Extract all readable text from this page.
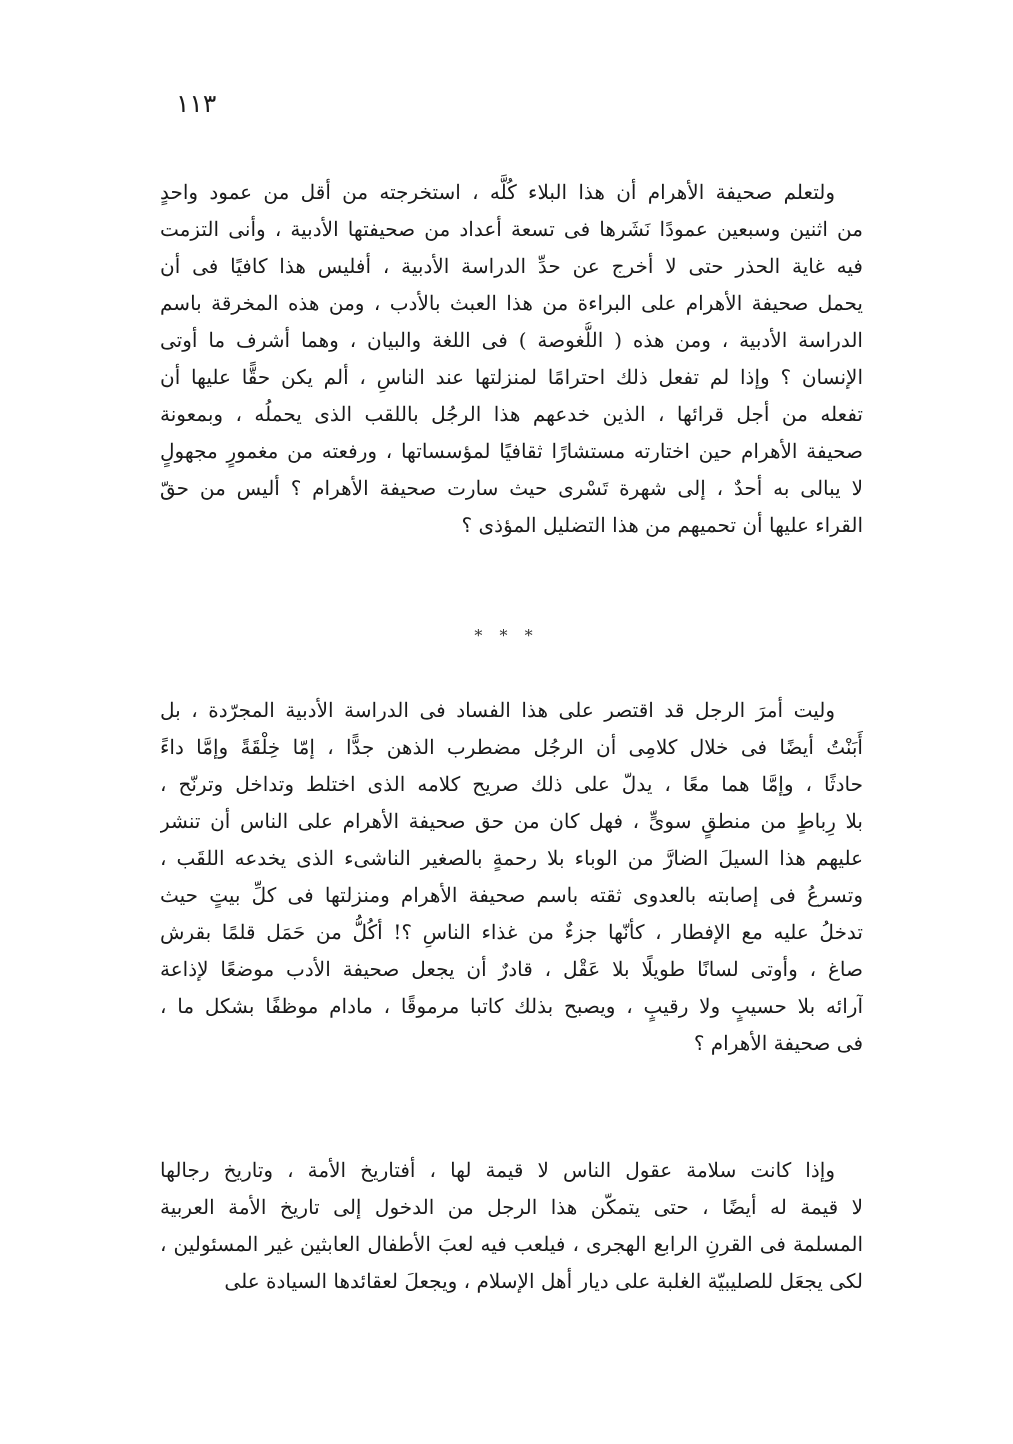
١١٣
ولتعلم صحيفة الأهرام أن هذا البلاء كُلَّه ، استخرجته من أقل من عمود واحدٍ
من اثنين وسبعين عمودًا نَشَرها فى تسعة أعداد من صحيفتها الأدبية ، وأنى التزمت
فيه غاية الحذر حتى لا أخرج عن حدِّ الدراسة الأدبية ، أفليس هذا كافيًا فى أن
يحمل صحيفة الأهرام على البراءة من هذا العبث بالأدب ، ومن هذه المخرقة باسم
الدراسة الأدبية ، ومن هذه ( اللُّغوصة ) فى اللغة والبيان ، وهما أشرف ما أوتى
الإنسان ؟ وإذا لم تفعل ذلك احترامًا لمنزلتها عند الناسِ ، ألم يكن حقًّا عليها أن
تفعله من أجل قرائها ، الذين خدعهم هذا الرجُل باللقب الذى يحملُه ، وبمعونة
صحيفة الأهرام حين اختارته مستشارًا ثقافيًا لمؤسساتها ، ورفعته من مغمورٍ مجهولٍ
لا يبالى به أحدٌ ، إلى شهرة تَسْرى حيث سارت صحيفة الأهرام ؟ أليس من حقّ
القراء عليها أن تحميهم من هذا التضليل المؤذى ؟
* * *
وليت أمرَ الرجل قد اقتصر على هذا الفساد فى الدراسة الأدبية المجرّدة ، بل
أَبَنْتُ أيضًا فى خلال كلامِى أن الرجُل مضطرب الذهن جدًّا ، إمّا خِلْقَةً وإمَّا داءً
حادثًا ، وإمَّا هما معًا ، يدلّ على ذلك صريح كلامه الذى اختلط وتداخل وترنّح ،
بلا رِباطٍ من منطقٍ سوىٍّ ، فهل كان من حق صحيفة الأهرام على الناس أن تنشر
عليهم هذا السيلَ الضارَّ من الوباء بلا رحمةٍ بالصغير الناشىء الذى يخدعه اللقَب ،
وتسرعُ فى إصابته بالعدوى ثقته باسم صحيفة الأهرام ومنزلتها فى كلِّ بيتٍ حيث
تدخلُ عليه مع الإفطار ، كأنّها جزءٌ من غذاء الناسِ ؟! أكُلُّ من حَمَل قلمًا بقرش
صاغ ، وأوتى لسانًا طويلًا بلا عَقْل ، قادرٌ أن يجعل صحيفة الأدب موضعًا لإذاعة
آرائه بلا حسيبٍ ولا رقيبٍ ، ويصبح بذلك كاتبا مرموقًا ، مادام موظفًا بشكل ما ،
فى صحيفة الأهرام ؟
وإذا كانت سلامة عقول الناس لا قيمة لها ، أفتاريخ الأمة ، وتاريخ رجالها
لا قيمة له أيضًا ، حتى يتمكّن هذا الرجل من الدخول إلى تاريخ الأمة العربية
المسلمة فى القرنِ الرابع الهجرى ، فيلعب فيه لعبَ الأطفال العابثين غير المسئولين ،
لكى يجعَل للصليبيّة الغلبة على ديار أهل الإسلام ، ويجعلَ لعقائدها السيادة على
